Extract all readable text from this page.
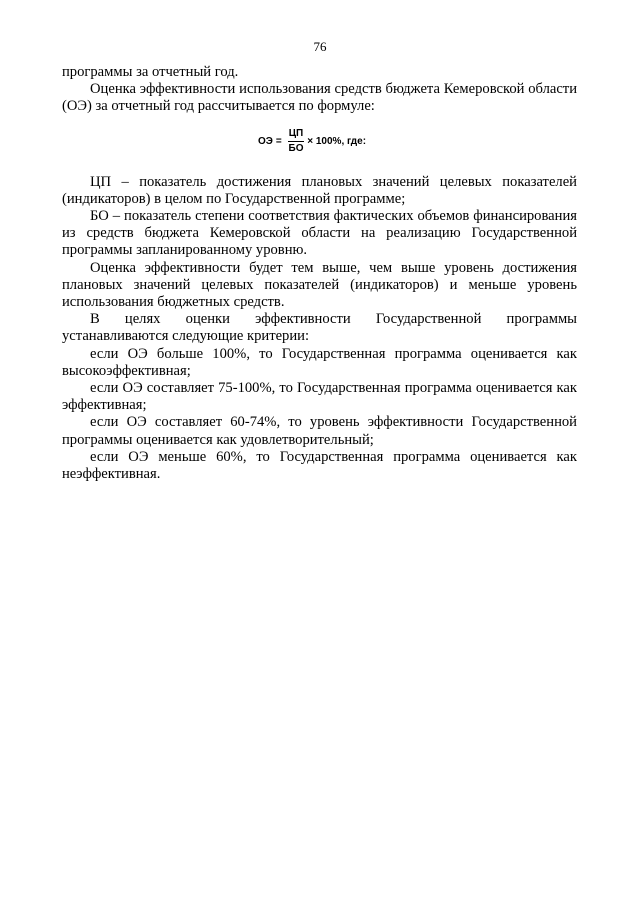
76

программы за отчетный год.

Оценка эффективности использования средств бюджета Кемеровской области (ОЭ) за отчетный год рассчитывается по формуле:

ОЭ = $\frac{ЦП}{БО} \times 100\%$, где:

ЦП – показатель достижения плановых значений целевых показателей (индикаторов) в целом по Государственной программе;

БО – показатель степени соответствия фактических объемов финансирования из средств бюджета Кемеровской области на реализацию Государственной программы запланированному уровню.

Оценка эффективности будет тем выше, чем выше уровень достижения плановых значений целевых показателей (индикаторов) и меньше уровень использования бюджетных средств.

В целях оценки эффективности Государственной программы

устанавливаются следующие критерии:

если ОЭ больше 100%, то Государственная программа оценивается как высокоэффективная;

если ОЭ составляет 75-100%, то Государственная программа оценивается как эффективная;

если ОЭ составляет 60-74%, то уровень эффективности Государственной программы оценивается как удовлетворительный;

если ОЭ меньше 60%, то Государственная программа оценивается как неэффективная.
